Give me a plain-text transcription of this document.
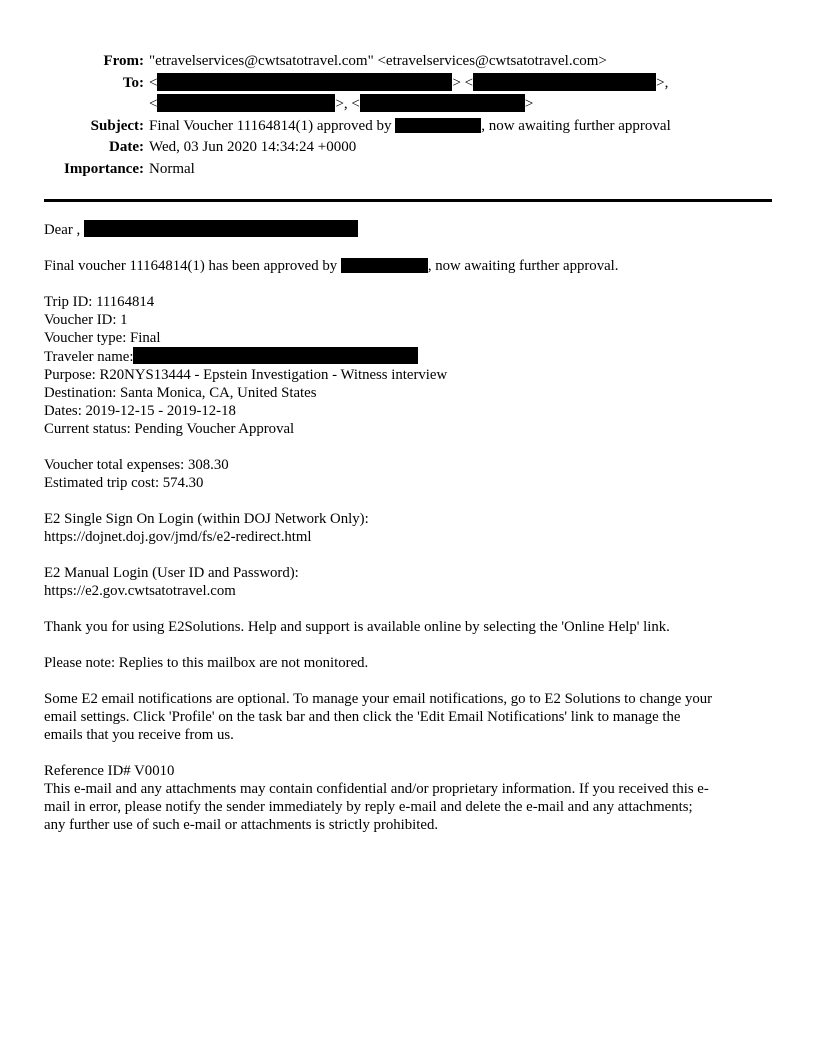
From: "etravelservices@cwtsatotravel.com" <etravelservices@cwtsatotravel.com>
To: <	> <	>,
<	>, <	>
Subject: Final Voucher 11164814(1) approved by	, now awaiting further approval
Date: Wed, 03 Jun 2020 14:34:24 +0000
Importance: Normal
Dear ,
Final voucher 11164814(1) has been approved by	, now awaiting further approval.
Trip ID: 11164814
Voucher ID: 1
Voucher type: Final
Traveler name:
Purpose: R20NYS13444 - Epstein Investigation - Witness interview
Destination: Santa Monica, CA, United States
Dates: 2019-12-15 - 2019-12-18
Current status: Pending Voucher Approval
Voucher total expenses: 308.30
Estimated trip cost: 574.30
E2 Single Sign On Login (within DOJ Network Only):
https://dojnet.doj.gov/jmd/fs/e2-redirect.html
E2 Manual Login (User ID and Password):
https://e2.gov.cwtsatotravel.com
Thank you for using E2Solutions. Help and support is available online by selecting the 'Online Help' link.
Please note: Replies to this mailbox are not monitored.
Some E2 email notifications are optional. To manage your email notifications, go to E2 Solutions to change your
email settings. Click 'Profile' on the task bar and then click the 'Edit Email Notifications' link to manage the
emails that you receive from us.
Reference ID# V0010
This e-mail and any attachments may contain confidential and/or proprietary information. If you received this e-
mail in error, please notify the sender immediately by reply e-mail and delete the e-mail and any attachments;
any further use of such e-mail or attachments is strictly prohibited.
